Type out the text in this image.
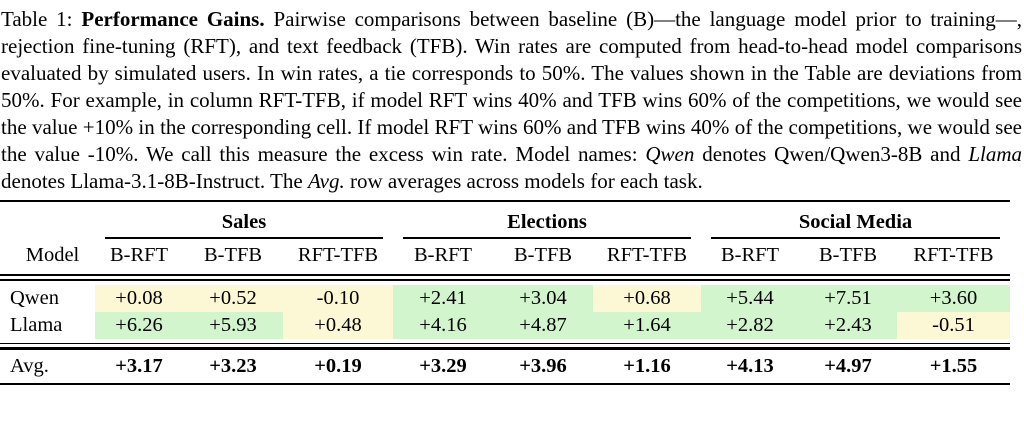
Table 1: Performance Gains. Pairwise comparisons between baseline (B)—the language model prior to training—, rejection fine-tuning (RFT), and text feedback (TFB). Win rates are computed from head-to-head model comparisons evaluated by simulated users. In win rates, a tie corresponds to 50%. The values shown in the Table are deviations from 50%. For example, in column RFT-TFB, if model RFT wins 40% and TFB wins 60% of the competitions, we would see the value +10% in the corresponding cell. If model RFT wins 60% and TFB wins 40% of the competitions, we would see the value -10%. We call this measure the excess win rate. Model names: Qwen denotes Qwen/Qwen3-8B and Llama denotes Llama-3.1-8B-Instruct. The Avg. row averages across models for each task.

	Sales			Elections			Social Media		

Model	B-RFT	B-TFB	RFT-TFB	B-RFT	B-TFB	RFT-TFB	B-RFT	B-TFB	RFT-TFB

Qwen	+0.08	+0.52	-0.10	+2.41	+3.04	+0.68	+5.44	+7.51	+3.60
Llama	+6.26	+5.93	+0.48	+4.16	+4.87	+1.64	+2.82	+2.43	-0.51

Avg.	+3.17	+3.23	+0.19	+3.29	+3.96	+1.16	+4.13	+4.97	+1.55
